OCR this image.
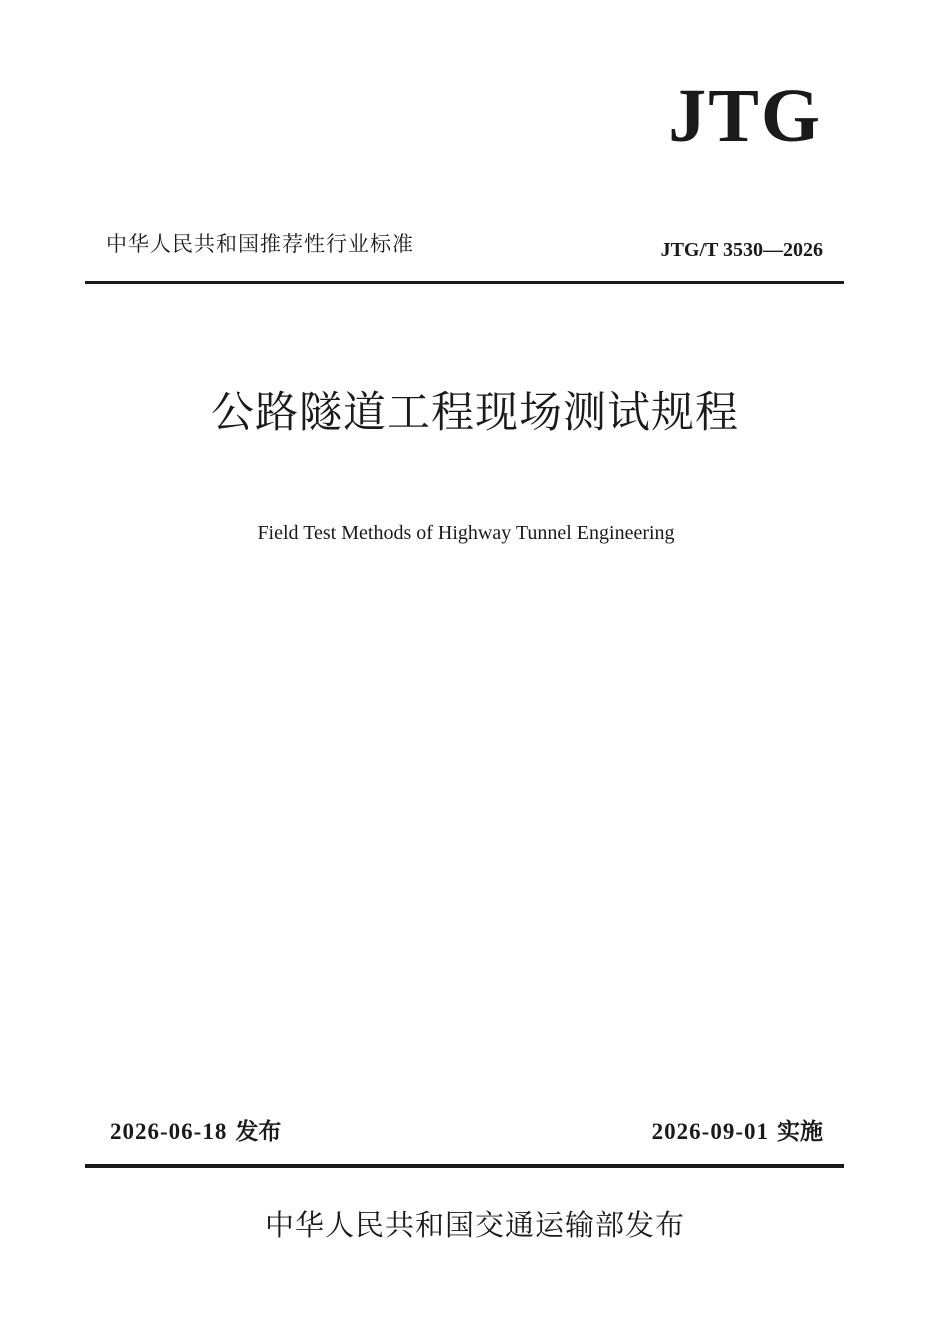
JTG
中华人民共和国推荐性行业标准	JTG/T 3530—2026
公路隧道工程现场测试规程
Field Test Methods of Highway Tunnel Engineering
2026-06-18 发布	2026-09-01 实施
中华人民共和国交通运输部发布
